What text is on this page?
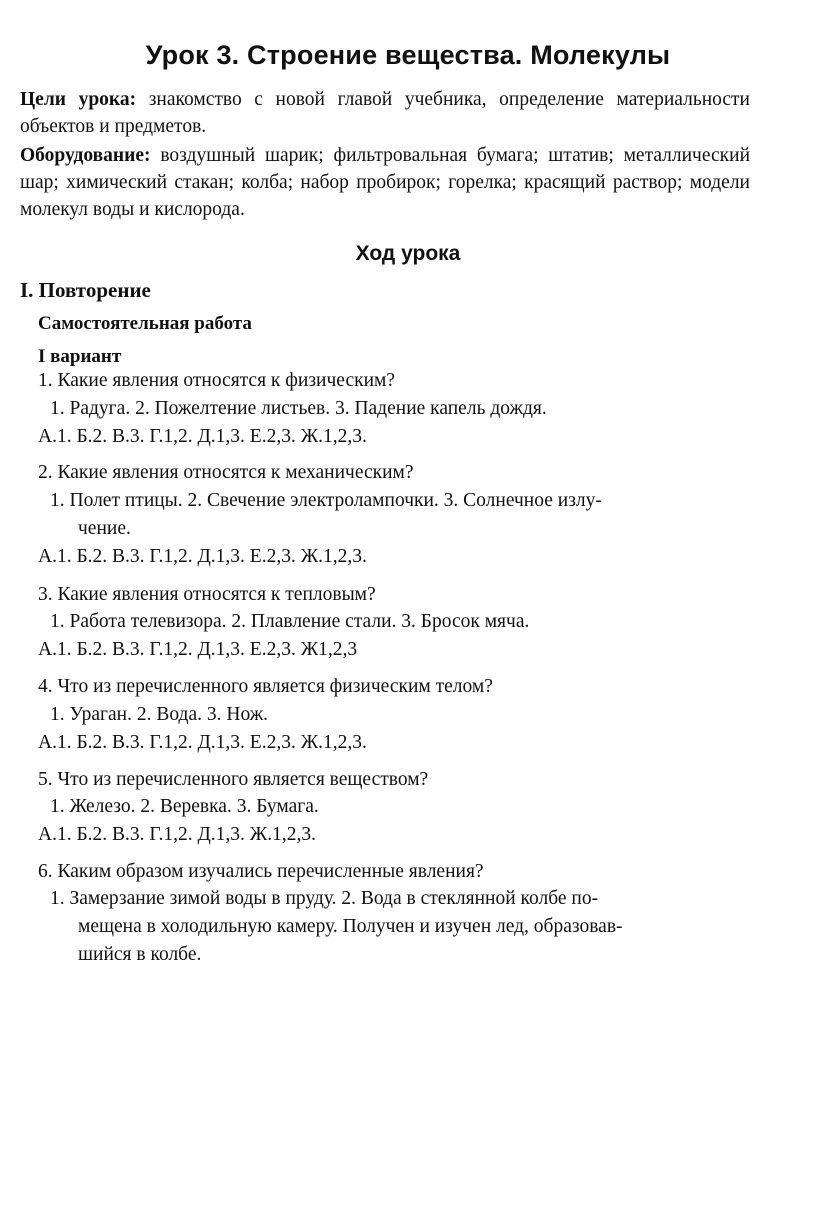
Урок 3. Строение вещества. Молекулы
Цели урока: знакомство с новой главой учебника, определение материальности объектов и предметов.
Оборудование: воздушный шарик; фильтровальная бумага; штатив; металлический шар; химический стакан; колба; набор пробирок; горелка; красящий раствор; модели молекул воды и кислорода.
Ход урока
I. Повторение
Самостоятельная работа
I вариант
1. Какие явления относятся к физическим?
1. Радуга. 2. Пожелтение листьев. 3. Падение капель дождя.
А.1. Б.2. В.3. Г.1,2. Д.1,3. Е.2,3. Ж.1,2,3.
2. Какие явления относятся к механическим?
1. Полет птицы. 2. Свечение электролампочки. 3. Солнечное излу-
чение.
А.1. Б.2. В.3. Г.1,2. Д.1,3. Е.2,3. Ж.1,2,3.
3. Какие явления относятся к тепловым?
1. Работа телевизора. 2. Плавление стали. 3. Бросок мяча.
А.1. Б.2. В.3. Г.1,2. Д.1,3. Е.2,3. Ж1,2,3
4. Что из перечисленного является физическим телом?
1. Ураган. 2. Вода. 3. Нож.
А.1. Б.2. В.3. Г.1,2. Д.1,3. Е.2,3. Ж.1,2,3.
5. Что из перечисленного является веществом?
1. Железо. 2. Веревка. 3. Бумага.
А.1. Б.2. В.3. Г.1,2. Д.1,3. Ж.1,2,3.
6. Каким образом изучались перечисленные явления?
1. Замерзание зимой воды в пруду. 2. Вода в стеклянной колбе по-
мещена в холодильную камеру. Получен и изучен лед, образовав-
шийся в колбе.
